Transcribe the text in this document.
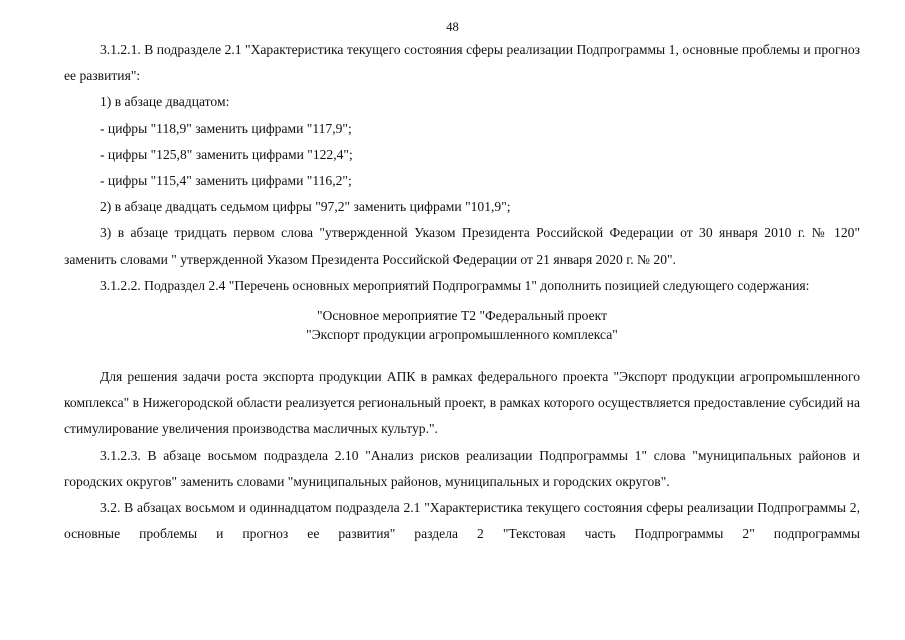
48

3.1.2.1. В подразделе 2.1 "Характеристика текущего состояния сферы реализации Подпрограммы 1, основные проблемы и прогноз ее развития":

1) в абзаце двадцатом:

- цифры "118,9" заменить цифрами "117,9";

- цифры "125,8" заменить цифрами "122,4";

- цифры "115,4" заменить цифрами "116,2";

2) в абзаце двадцать седьмом цифры "97,2" заменить цифрами "101,9";

3) в абзаце тридцать первом слова "утвержденной Указом Президента Российской Федерации от 30 января 2010 г. № 120" заменить словами " утвержденной Указом Президента Российской Федерации от 21 января 2020 г. № 20".

3.1.2.2. Подраздел 2.4 "Перечень основных мероприятий Подпрограммы 1" дополнить позицией следующего содержания:

"Основное мероприятие Т2 "Федеральный проект
"Экспорт продукции агропромышленного комплекса"

Для решения задачи роста экспорта продукции АПК в рамках федерального проекта "Экспорт продукции агропромышленного комплекса" в Нижегородской области реализуется региональный проект, в рамках которого осуществляется предоставление субсидий на стимулирование увеличения производства масличных культур.".

3.1.2.3. В абзаце восьмом подраздела 2.10 "Анализ рисков реализации Подпрограммы 1" слова "муниципальных районов и городских округов" заменить словами "муниципальных районов, муниципальных и городских округов".

3.2. В абзацах восьмом и одиннадцатом подраздела 2.1 "Характеристика текущего состояния сферы реализации Подпрограммы 2, основные проблемы и прогноз ее развития" раздела 2 "Текстовая часть Подпрограммы 2" подпрограммы
